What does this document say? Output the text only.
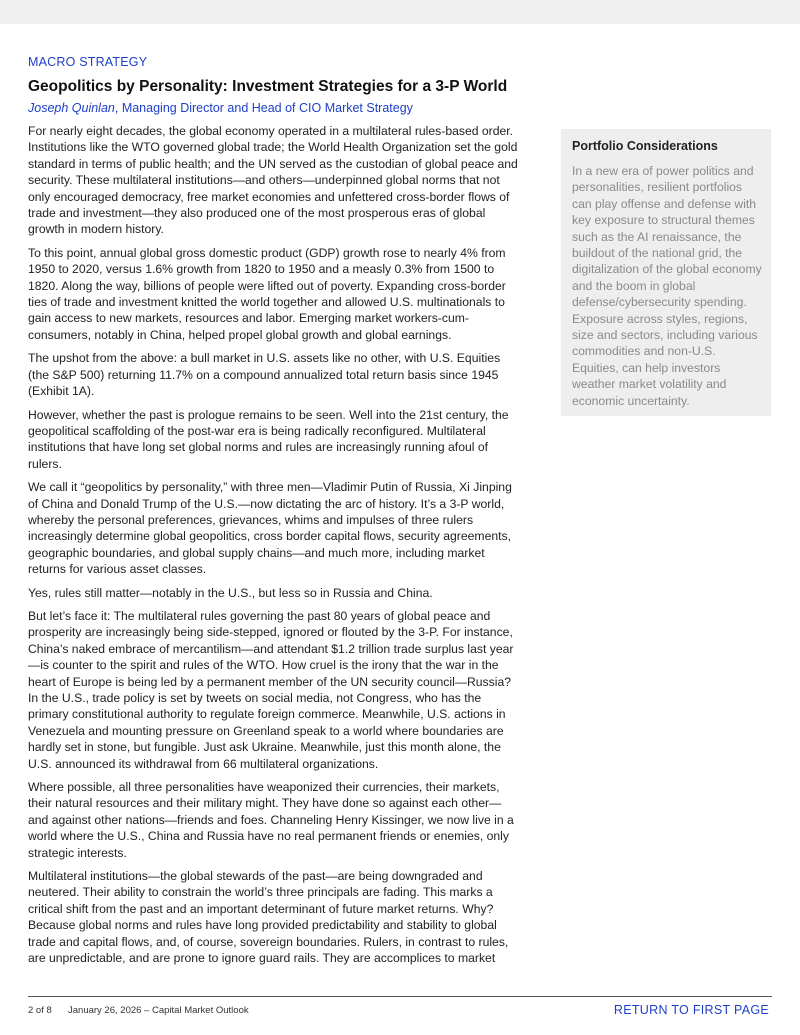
MACRO STRATEGY
Geopolitics by Personality: Investment Strategies for a 3-P World
Joseph Quinlan, Managing Director and Head of CIO Market Strategy

For nearly eight decades, the global economy operated in a multilateral rules-based order. Institutions like the WTO governed global trade; the World Health Organization set the gold standard in terms of public health; and the UN served as the custodian of global peace and security. These multilateral institutions—and others—underpinned global norms that not only encouraged democracy, free market economies and unfettered cross-border flows of trade and investment—they also produced one of the most prosperous eras of global growth in modern history.

To this point, annual global gross domestic product (GDP) growth rose to nearly 4% from 1950 to 2020, versus 1.6% growth from 1820 to 1950 and a measly 0.3% from 1500 to 1820. Along the way, billions of people were lifted out of poverty. Expanding cross-border ties of trade and investment knitted the world together and allowed U.S. multinationals to gain access to new markets, resources and labor. Emerging market workers-cum-consumers, notably in China, helped propel global growth and global earnings.

The upshot from the above: a bull market in U.S. assets like no other, with U.S. Equities (the S&P 500) returning 11.7% on a compound annualized total return basis since 1945 (Exhibit 1A).

However, whether the past is prologue remains to be seen. Well into the 21st century, the geopolitical scaffolding of the post-war era is being radically reconfigured. Multilateral institutions that have long set global norms and rules are increasingly running afoul of rulers.

We call it “geopolitics by personality,” with three men—Vladimir Putin of Russia, Xi Jinping of China and Donald Trump of the U.S.—now dictating the arc of history. It’s a 3-P world, whereby the personal preferences, grievances, whims and impulses of three rulers increasingly determine global geopolitics, cross border capital flows, security agreements, geographic boundaries, and global supply chains—and much more, including market returns for various asset classes.

Yes, rules still matter—notably in the U.S., but less so in Russia and China.

But let’s face it: The multilateral rules governing the past 80 years of global peace and prosperity are increasingly being side-stepped, ignored or flouted by the 3-P. For instance, China’s naked embrace of mercantilism—and attendant $1.2 trillion trade surplus last year—is counter to the spirit and rules of the WTO. How cruel is the irony that the war in the heart of Europe is being led by a permanent member of the UN security council—Russia? In the U.S., trade policy is set by tweets on social media, not Congress, who has the primary constitutional authority to regulate foreign commerce. Meanwhile, U.S. actions in Venezuela and mounting pressure on Greenland speak to a world where boundaries are hardly set in stone, but fungible. Just ask Ukraine. Meanwhile, just this month alone, the U.S. announced its withdrawal from 66 multilateral organizations.

Where possible, all three personalities have weaponized their currencies, their markets, their natural resources and their military might. They have done so against each other—and against other nations—friends and foes. Channeling Henry Kissinger, we now live in a world where the U.S., China and Russia have no real permanent friends or enemies, only strategic interests.

Multilateral institutions—the global stewards of the past—are being downgraded and neutered. Their ability to constrain the world’s three principals are fading. This marks a critical shift from the past and an important determinant of future market returns. Why? Because global norms and rules have long provided predictability and stability to global trade and capital flows, and, of course, sovereign boundaries. Rulers, in contrast to rules, are unpredictable, and are prone to ignore guard rails. They are accomplices to market

Portfolio Considerations
In a new era of power politics and personalities, resilient portfolios can play offense and defense with key exposure to structural themes such as the AI renaissance, the buildout of the national grid, the digitalization of the global economy and the boom in global defense/cybersecurity spending. Exposure across styles, regions, size and sectors, including various commodities and non-U.S. Equities, can help investors weather market volatility and economic uncertainty.
2 of 8 January 26, 2026 – Capital Market Outlook	RETURN TO FIRST PAGE
